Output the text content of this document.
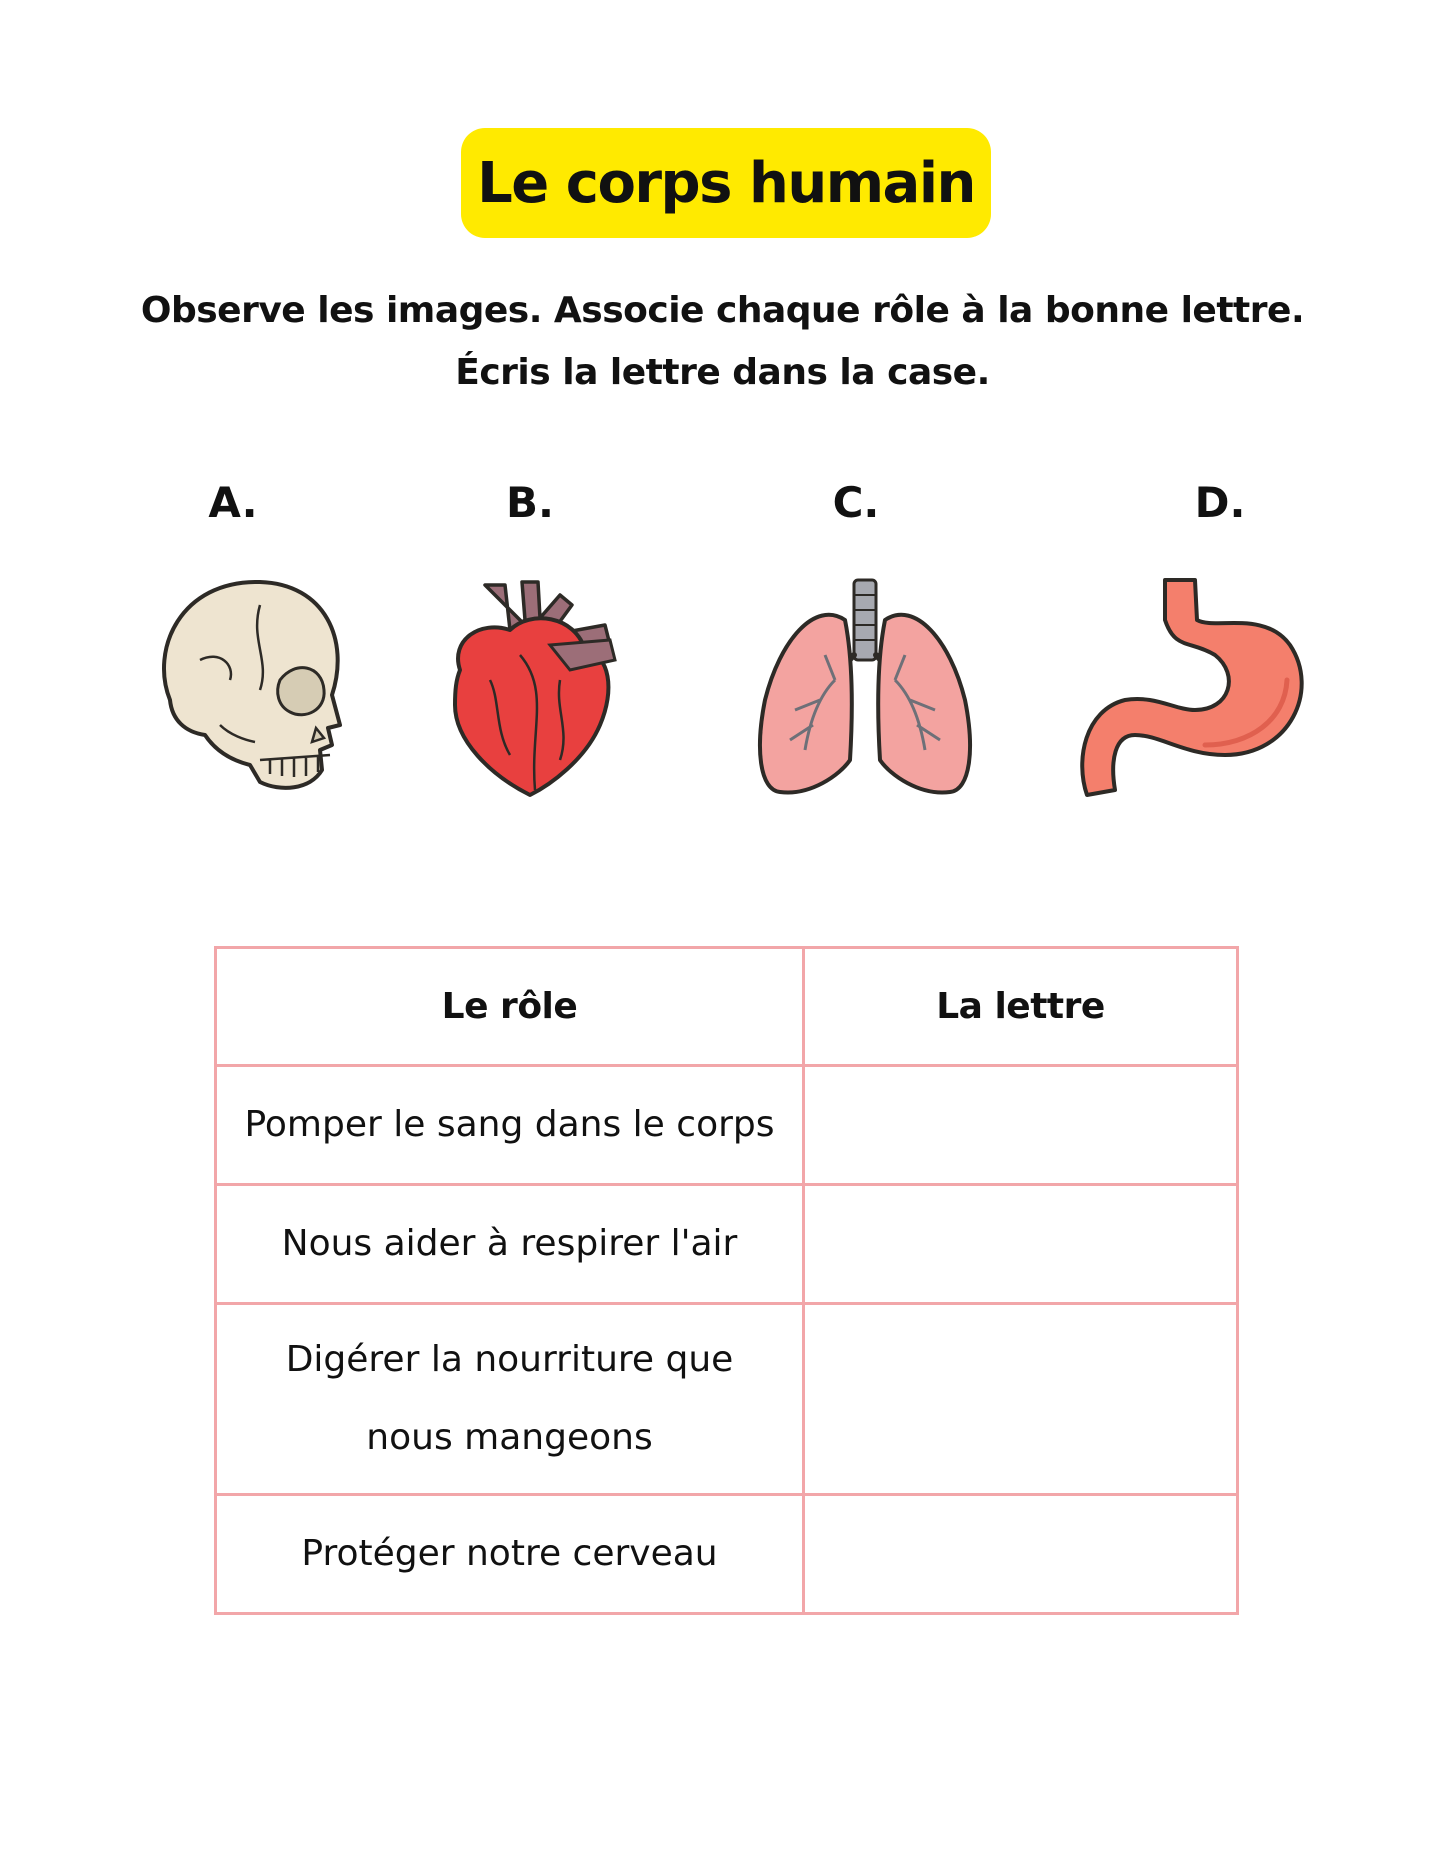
Le corps humain
Observe les images. Associe chaque rôle à la bonne lettre.
Écris la lettre dans la case.
A.	B.	C.	D.
Le rôle	La lettre
Pomper le sang dans le corps	
Nous aider à respirer l'air	

Digérer la nourriture que
nous mangeons	

Protéger notre cerveau	
